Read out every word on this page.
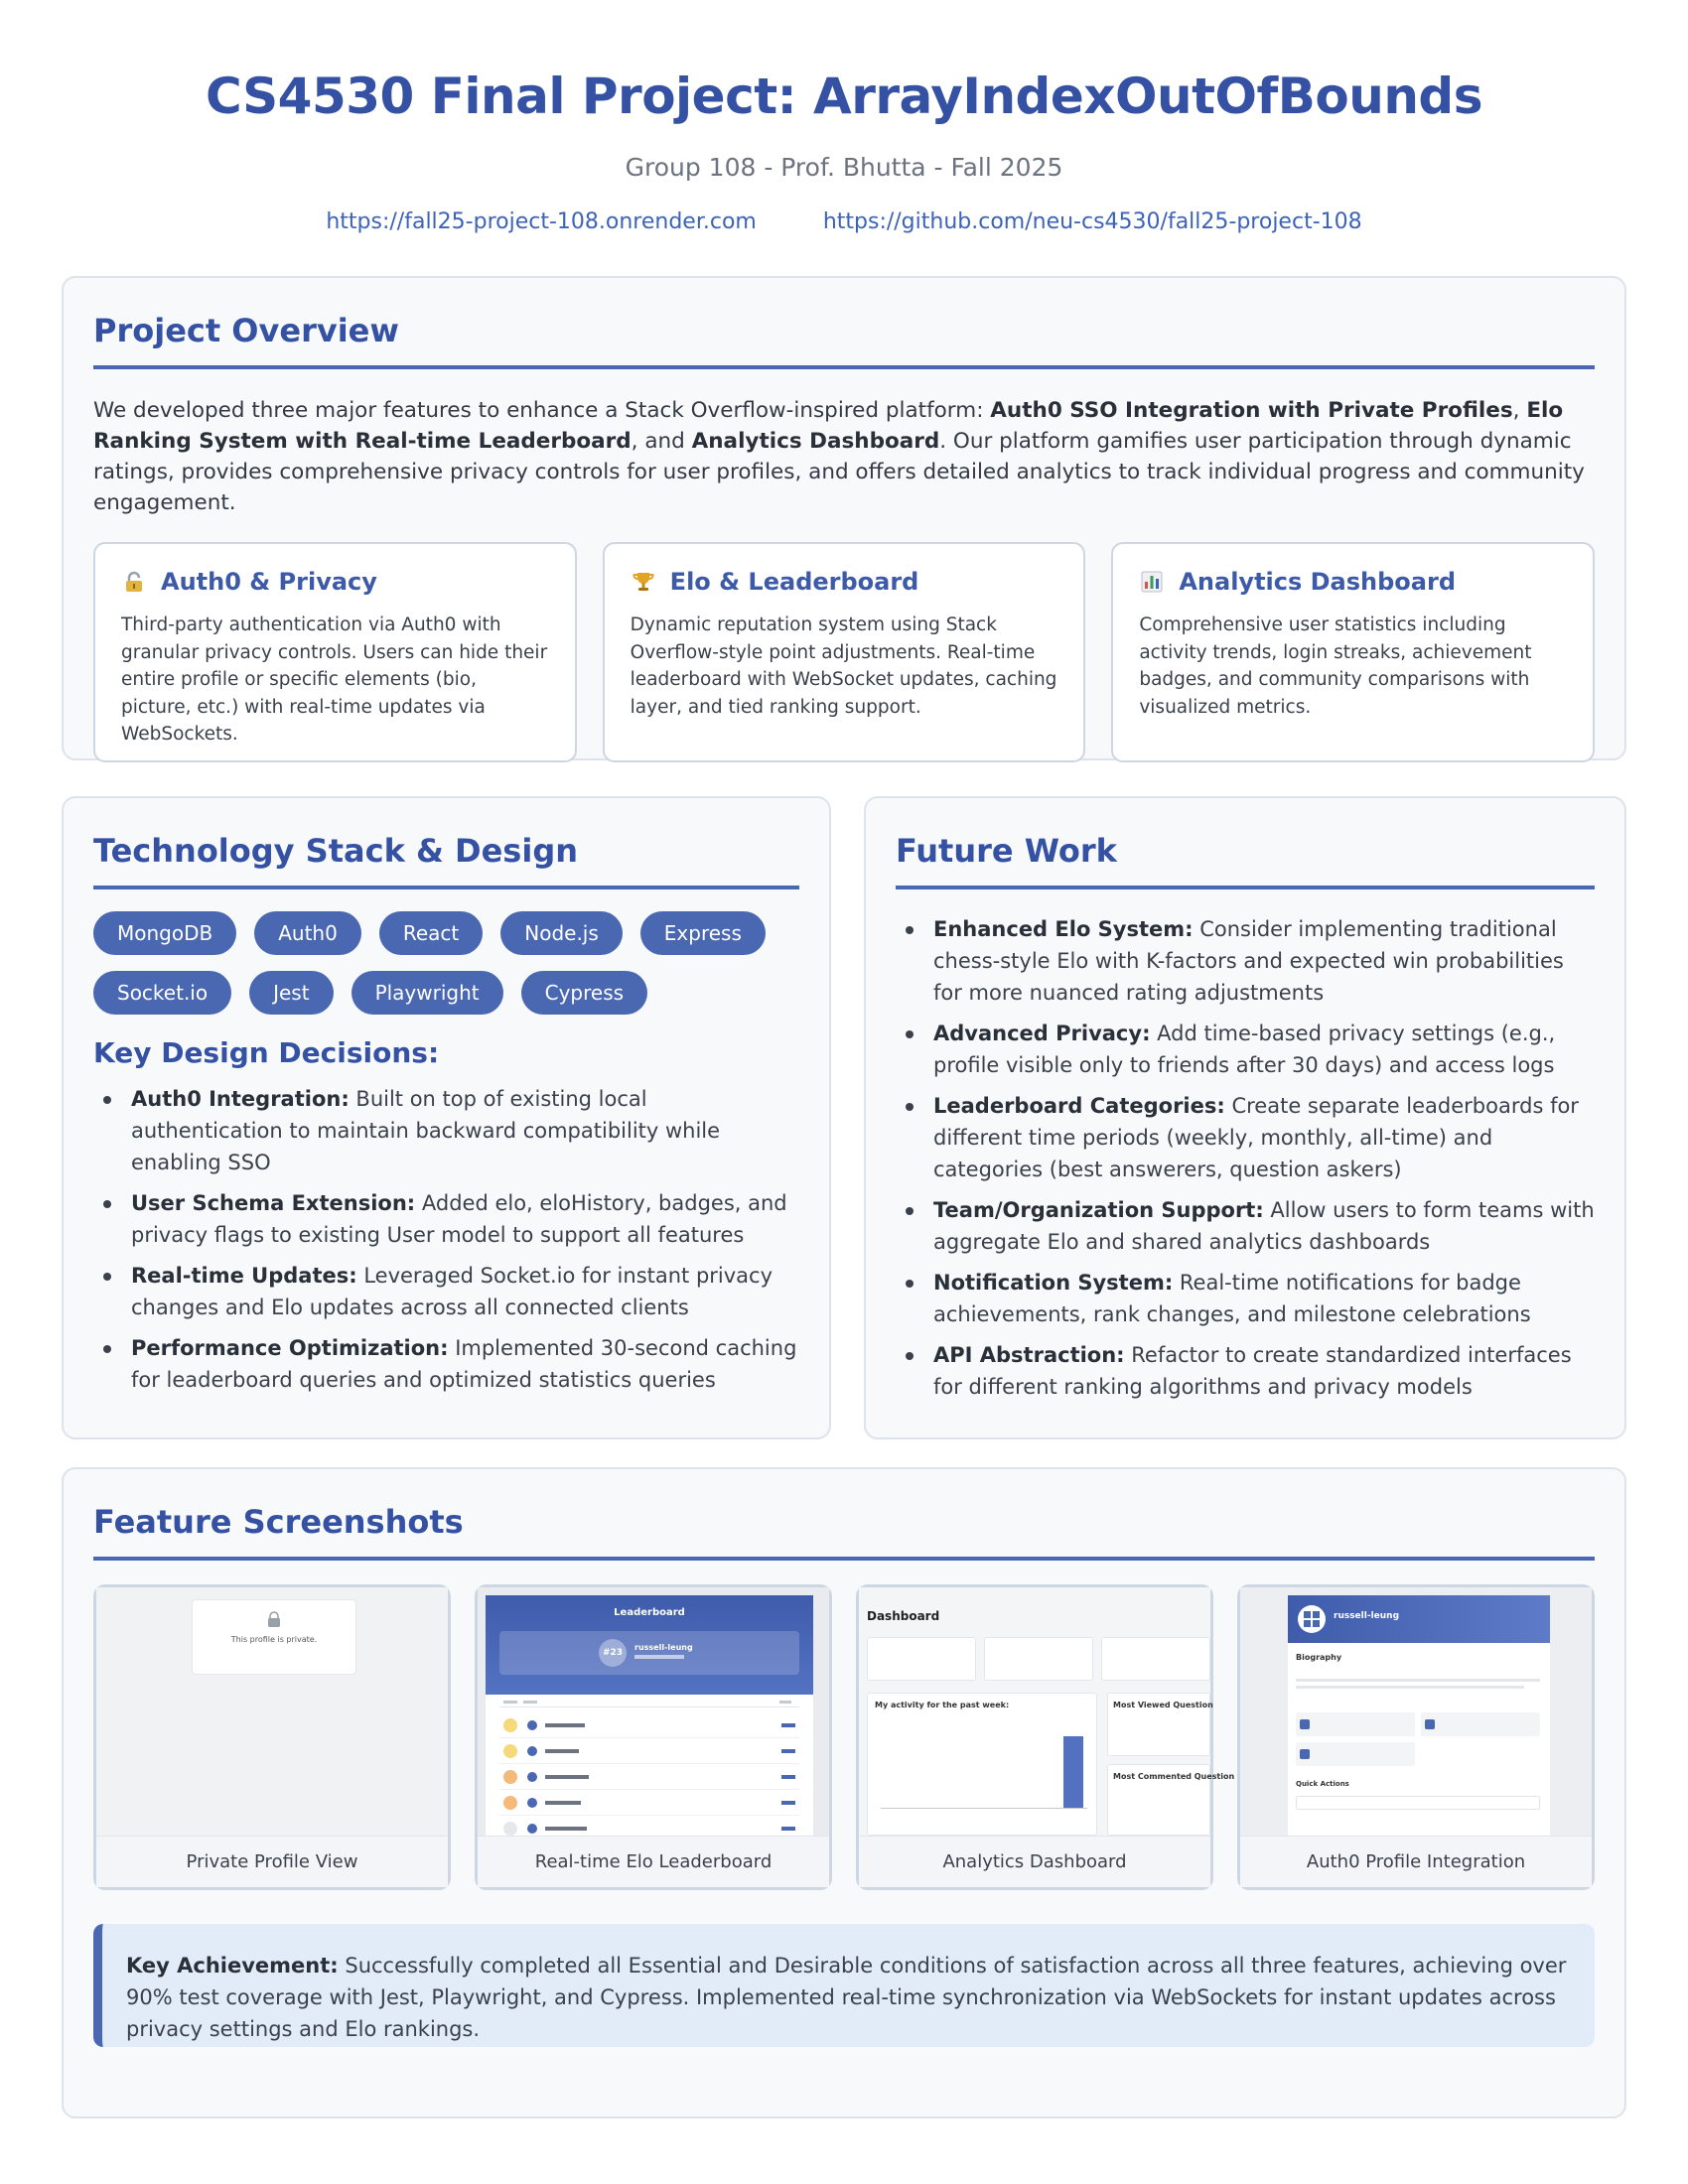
CS4530 Final Project: ArrayIndexOutOfBounds
Group 108 - Prof. Bhutta - Fall 2025
https://fall25-project-108.onrender.com	https://github.com/neu-cs4530/fall25-project-108
Project Overview
We developed three major features to enhance a Stack Overflow-inspired platform: Auth0 SSO Integration with Private Profiles, Elo Ranking System with Real-time Leaderboard, and Analytics Dashboard. Our platform gamifies user participation through dynamic ratings, provides comprehensive privacy controls for user profiles, and offers detailed analytics to track individual progress and community engagement.
Auth0 & Privacy
Third-party authentication via Auth0 with granular privacy controls. Users can hide their entire profile or specific elements (bio, picture, etc.) with real-time updates via WebSockets.
Elo & Leaderboard
Dynamic reputation system using Stack Overflow-style point adjustments. Real-time leaderboard with WebSocket updates, caching layer, and tied ranking support.
Analytics Dashboard
Comprehensive user statistics including activity trends, login streaks, achievement badges, and community comparisons with visualized metrics.
Technology Stack & Design
MongoDB	Auth0	React	Node.js	Express
Socket.io	Jest	Playwright	Cypress
Key Design Decisions:
Auth0 Integration: Built on top of existing local authentication to maintain backward compatibility while enabling SSO
User Schema Extension: Added elo, eloHistory, badges, and privacy flags to existing User model to support all features
Real-time Updates: Leveraged Socket.io for instant privacy changes and Elo updates across all connected clients
Performance Optimization: Implemented 30-second caching for leaderboard queries and optimized statistics queries
Future Work
Enhanced Elo System: Consider implementing traditional chess-style Elo with K-factors and expected win probabilities for more nuanced rating adjustments
Advanced Privacy: Add time-based privacy settings (e.g., profile visible only to friends after 30 days) and access logs
Leaderboard Categories: Create separate leaderboards for different time periods (weekly, monthly, all-time) and categories (best answerers, question askers)
Team/Organization Support: Allow users to form teams with aggregate Elo and shared analytics dashboards
Notification System: Real-time notifications for badge achievements, rank changes, and milestone celebrations
API Abstraction: Refactor to create standardized interfaces for different ranking algorithms and privacy models
Feature Screenshots
This profile is private.
Private Profile View
Leaderboard
#23
russell-leung
Real-time Elo Leaderboard
Dashboard
My activity for the past week:	Most Viewed Question
Most Commented Question
Analytics Dashboard
russell-leung
Biography
Quick Actions
Auth0 Profile Integration
Key Achievement: Successfully completed all Essential and Desirable conditions of satisfaction across all three features, achieving over 90% test coverage with Jest, Playwright, and Cypress. Implemented real-time synchronization via WebSockets for instant updates across privacy settings and Elo rankings.
